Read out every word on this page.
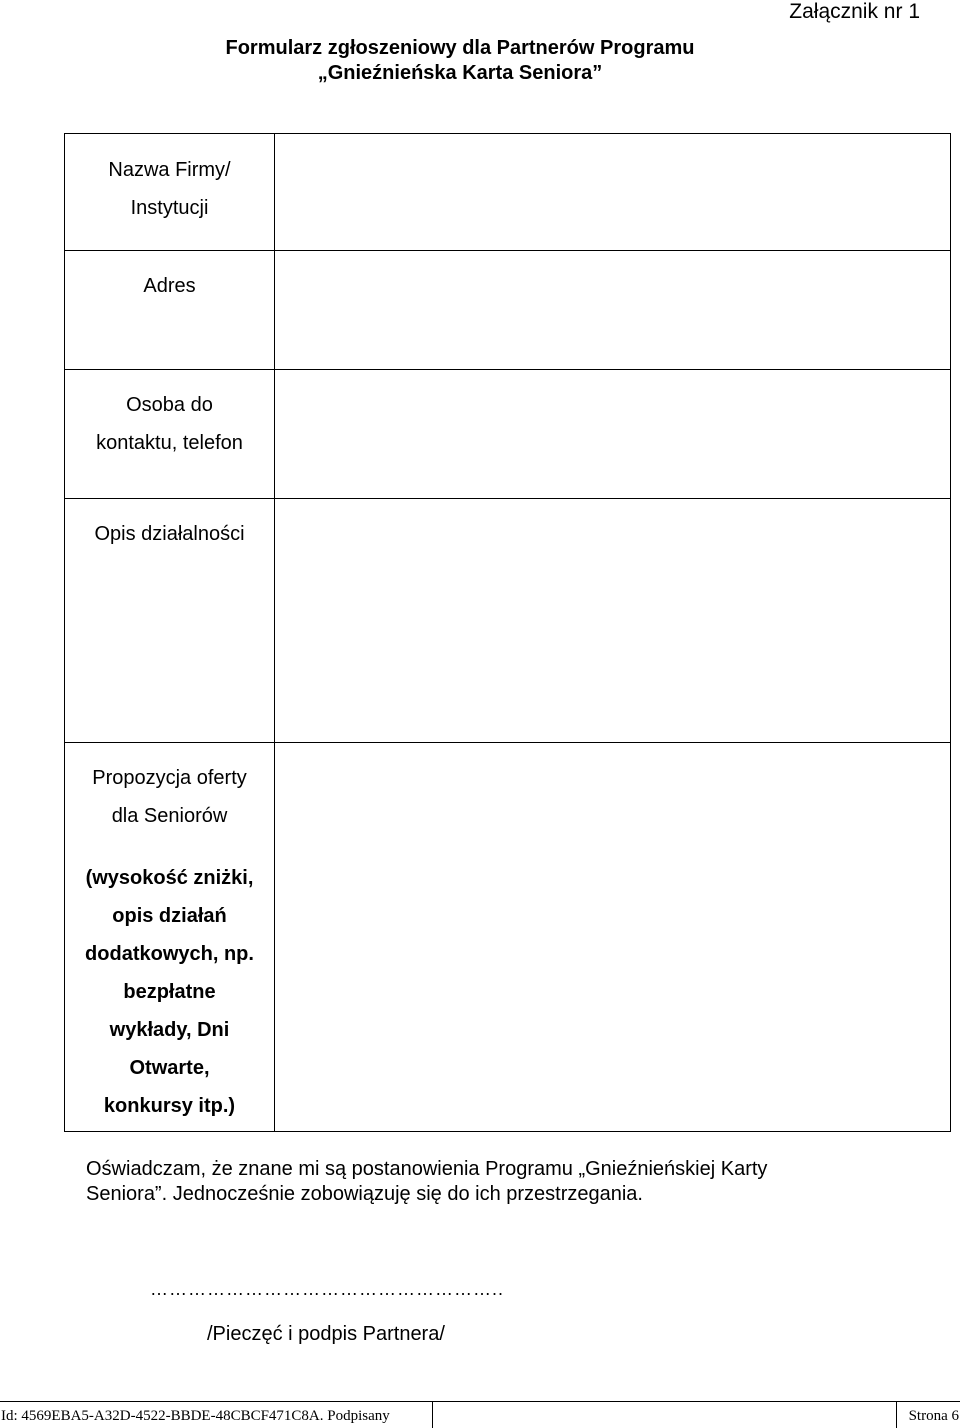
Załącznik nr 1
Formularz zgłoszeniowy dla Partnerów Programu
„Gnieźnieńska Karta Seniora”
Nazwa Firmy/
Instytucji
Adres
Osoba do
kontaktu, telefon
Opis działalności
Propozycja oferty
dla Seniorów
(wysokość zniżki,
opis działań
dodatkowych, np.
bezpłatne
wykłady, Dni
Otwarte,
konkursy itp.)
Oświadczam, że znane mi są postanowienia Programu „Gnieźnieńskiej Karty
Seniora”. Jednocześnie zobowiązuję się do ich przestrzegania.
………………………………………………..
/Pieczęć i podpis Partnera/
Id: 4569EBA5-A32D-4522-BBDE-48CBCF471C8A. Podpisany	Strona 6
